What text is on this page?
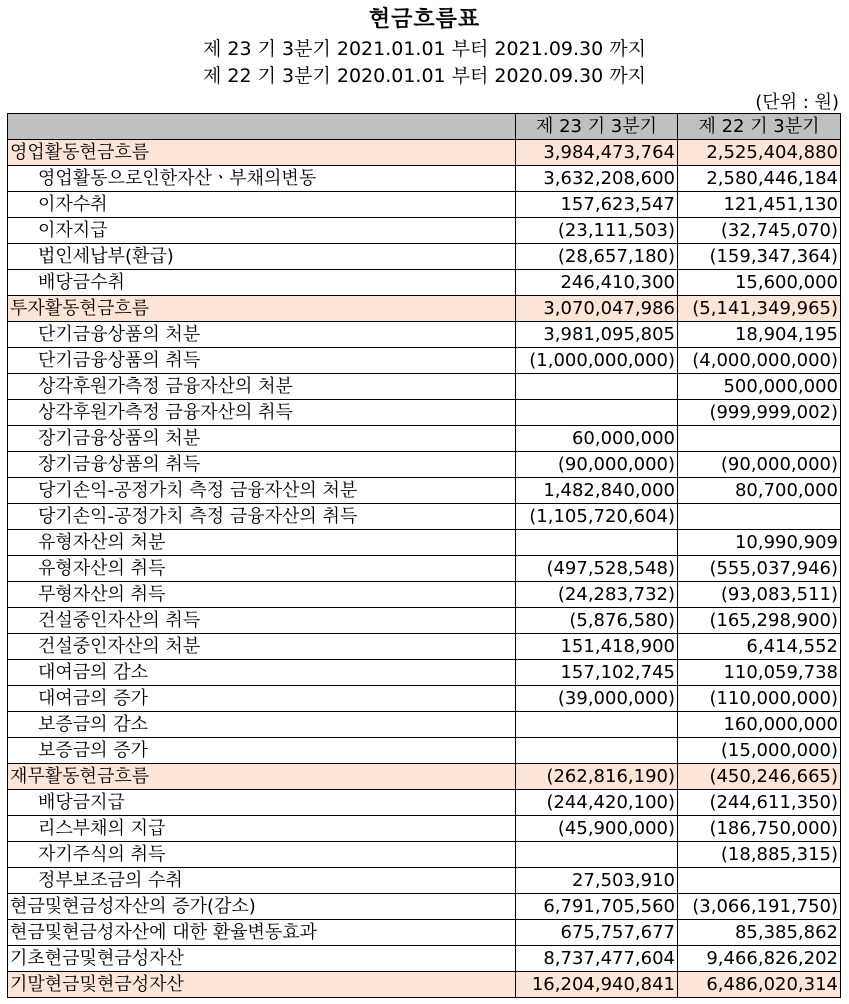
현금흐름표
제 23 기 3분기 2021.01.01 부터 2021.09.30 까지
제 22 기 3분기 2020.01.01 부터 2020.09.30 까지
(단위 : 원)
	제 23 기 3분기	제 22 기 3분기
영업활동현금흐름	3,984,473,764	2,525,404,880
영업활동으로인한자산ㆍ부채의변동	3,632,208,600	2,580,446,184
이자수취	157,623,547	121,451,130
이자지급	(23,111,503)	(32,745,070)
법인세납부(환급)	(28,657,180)	(159,347,364)
배당금수취	246,410,300	15,600,000
투자활동현금흐름	3,070,047,986	(5,141,349,965)
단기금융상품의 처분	3,981,095,805	18,904,195
단기금융상품의 취득	(1,000,000,000)	(4,000,000,000)
상각후원가측정 금융자산의 처분		500,000,000
상각후원가측정 금융자산의 취득		(999,999,002)
장기금융상품의 처분	60,000,000	
장기금융상품의 취득	(90,000,000)	(90,000,000)
당기손익-공정가치 측정 금융자산의 처분	1,482,840,000	80,700,000
당기손익-공정가치 측정 금융자산의 취득	(1,105,720,604)	
유형자산의 처분		10,990,909
유형자산의 취득	(497,528,548)	(555,037,946)
무형자산의 취득	(24,283,732)	(93,083,511)
건설중인자산의 취득	(5,876,580)	(165,298,900)
건설중인자산의 처분	151,418,900	6,414,552
대여금의 감소	157,102,745	110,059,738
대여금의 증가	(39,000,000)	(110,000,000)
보증금의 감소		160,000,000
보증금의 증가		(15,000,000)
재무활동현금흐름	(262,816,190)	(450,246,665)
배당금지급	(244,420,100)	(244,611,350)
리스부채의 지급	(45,900,000)	(186,750,000)
자기주식의 취득		(18,885,315)
정부보조금의 수취	27,503,910	
현금및현금성자산의 증가(감소)	6,791,705,560	(3,066,191,750)
현금및현금성자산에 대한 환율변동효과	675,757,677	85,385,862
기초현금및현금성자산	8,737,477,604	9,466,826,202
기말현금및현금성자산	16,204,940,841	6,486,020,314
